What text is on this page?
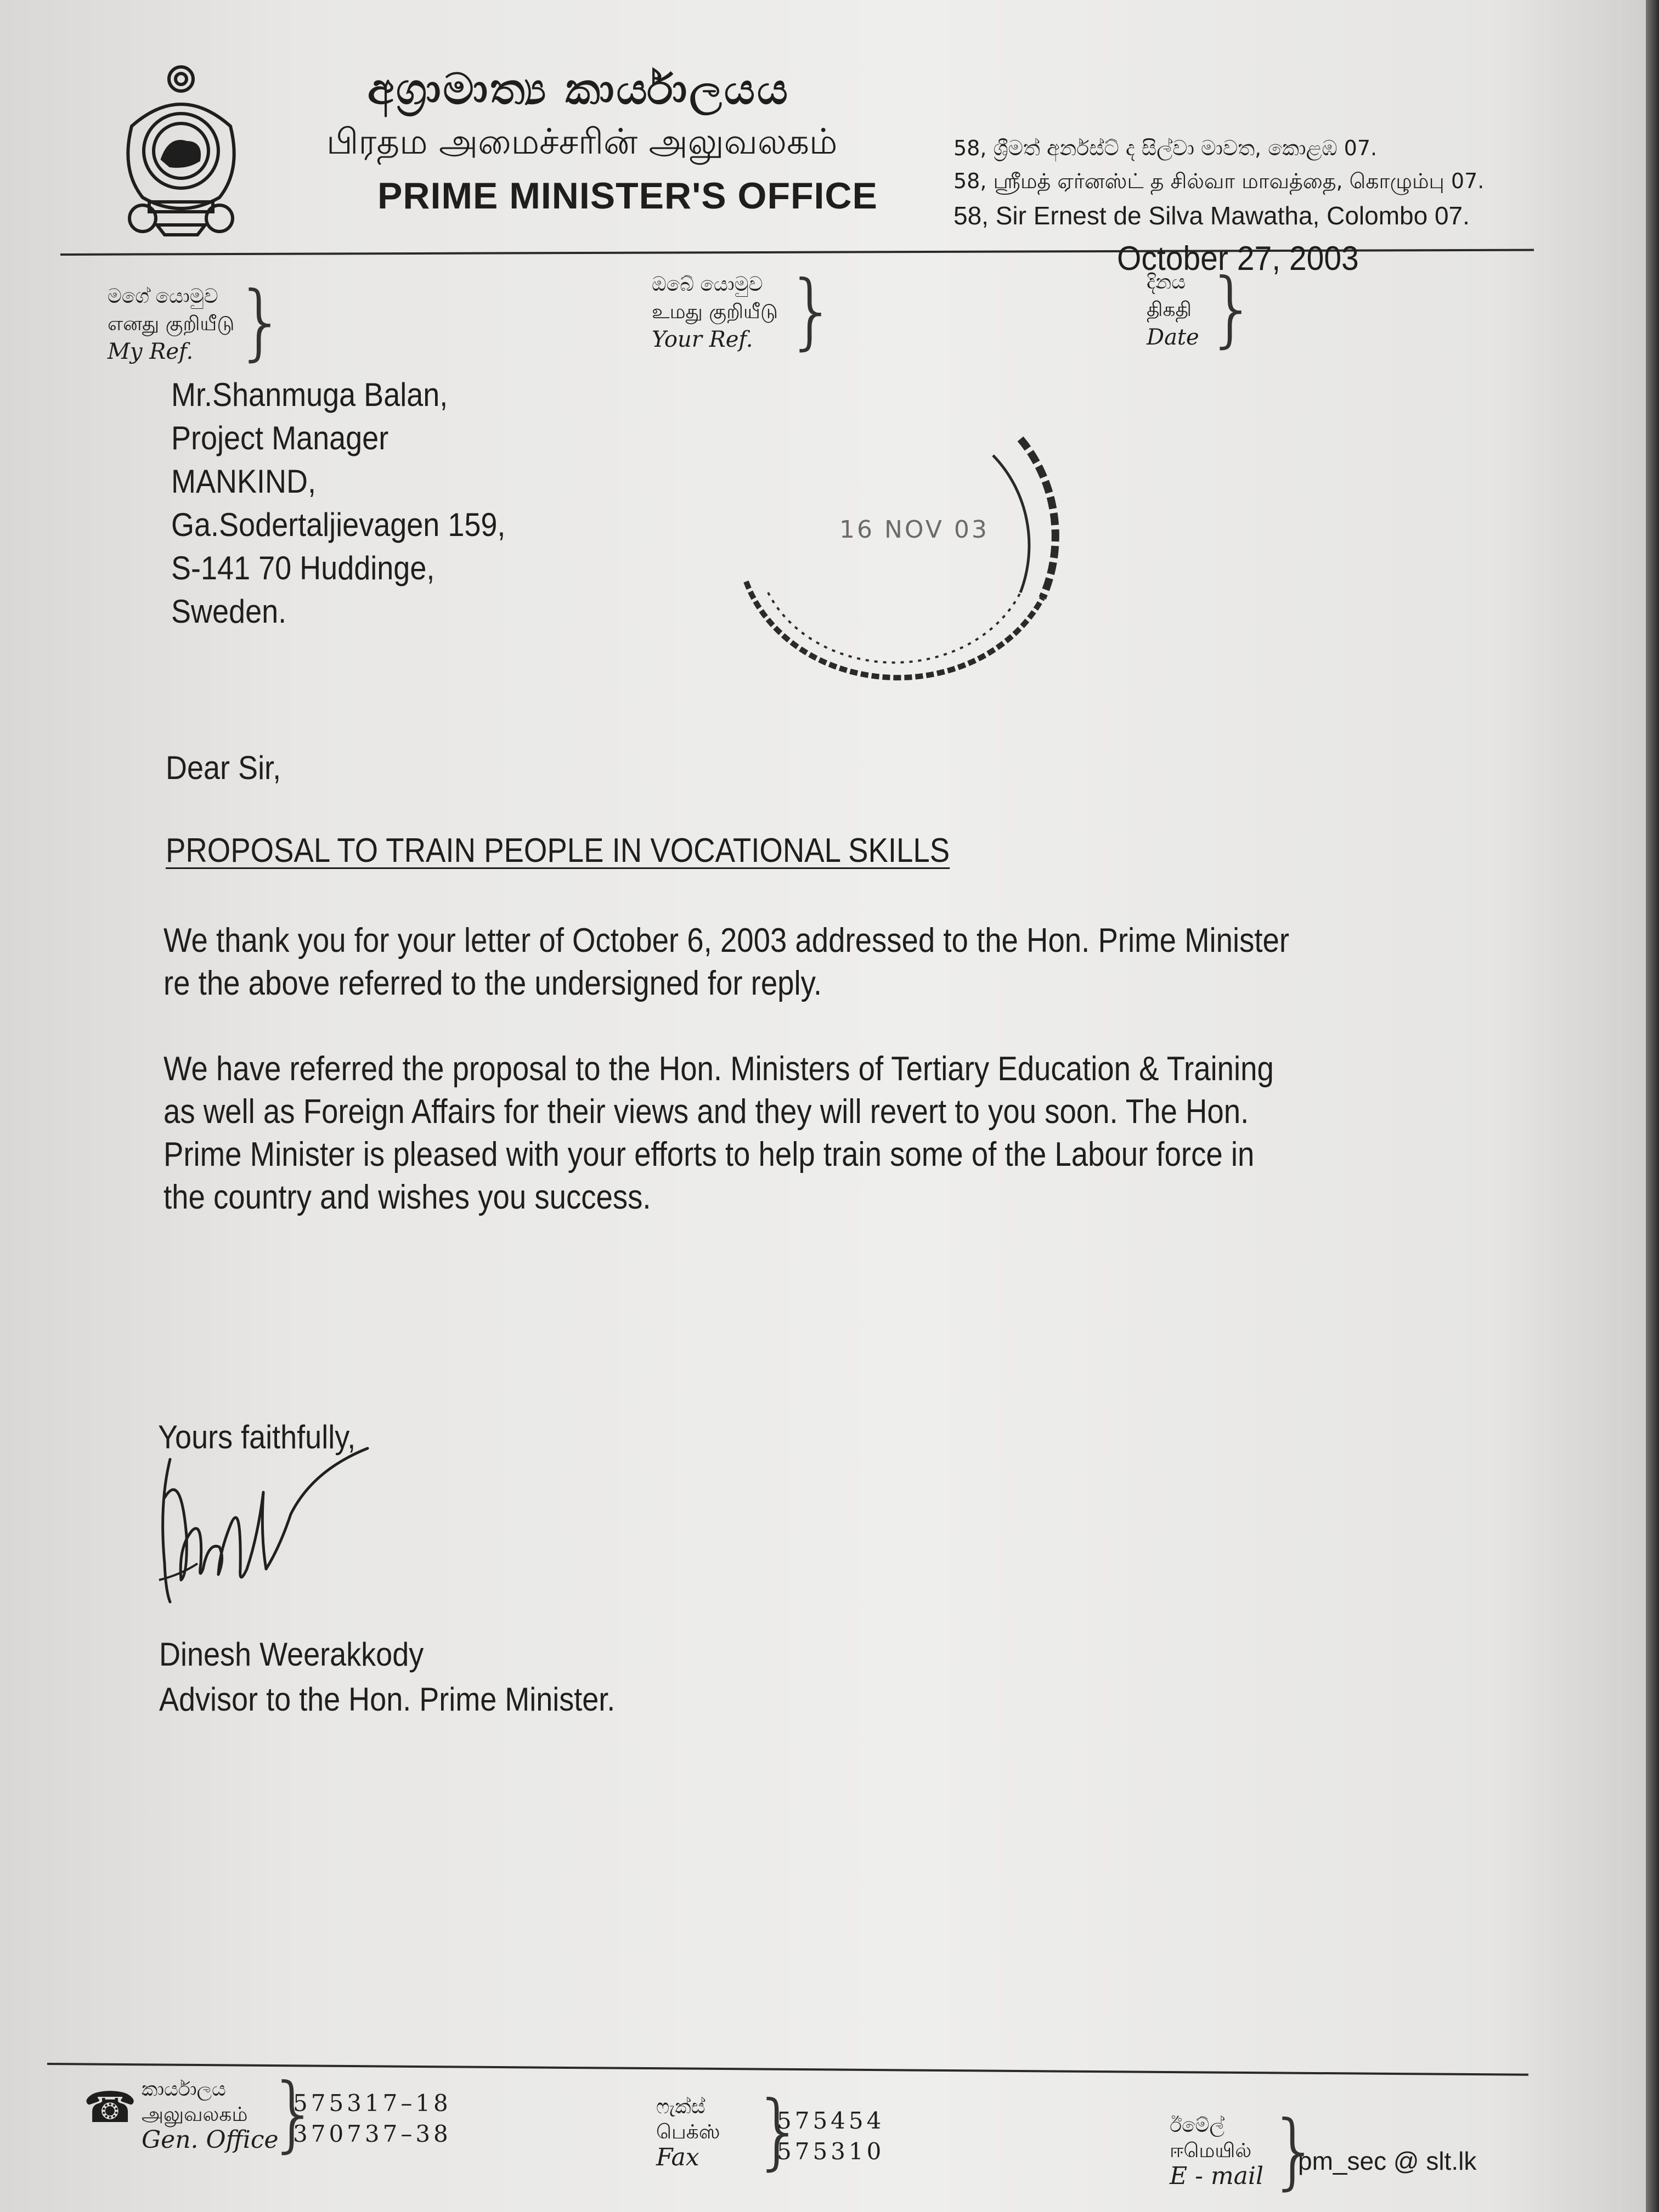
අග්‍රාමාත්‍ය කාර්යාලයය
பிரதம அமைச்சரின் அலுவலகம்
PRIME MINISTER'S OFFICE
58, ශ්‍රීමත් අර්නස්ට් ද සිල්වා මාවත, කොළඹ 07.
58, ஸ்ரீமத் ஏர்னஸ்ட் த சில்வா மாவத்தை, கொழும்பு 07.
58, Sir Ernest de Silva Mawatha, Colombo 07.
October 27, 2003
මගේ යොමුව
எனது குறியீடு
My Ref. }	ඔබේ යොමුව
உமது குறியீடு
Your Ref. }	දිනය
திகதி
Date }
Mr.Shanmuga Balan,
Project Manager
MANKIND,
Ga.Sodertaljievagen 159,
S-141 70 Huddinge,
Sweden.
16 NOV 03
Dear Sir,
PROPOSAL TO TRAIN PEOPLE IN VOCATIONAL SKILLS
We thank you for your letter of October 6, 2003 addressed to the Hon. Prime Minister re the above referred to the undersigned for reply.
We have referred the proposal to the Hon. Ministers of Tertiary Education & Training as well as Foreign Affairs for their views and they will revert to you soon. The Hon. Prime Minister is pleased with your efforts to help train some of the Labour force in the country and wishes you success.
Yours faithfully,
Dinesh Weerakkody
Advisor to the Hon. Prime Minister.
☎ කාර්යාලය
அலுவலகம்
Gen. Office
}
575317–18
370737–38
ෆැක්ස්
பெக்ஸ்
Fax }
575454
575310
ඊමේල්
ஈமெயில்
E - mail }
pm_sec @ slt.lk
